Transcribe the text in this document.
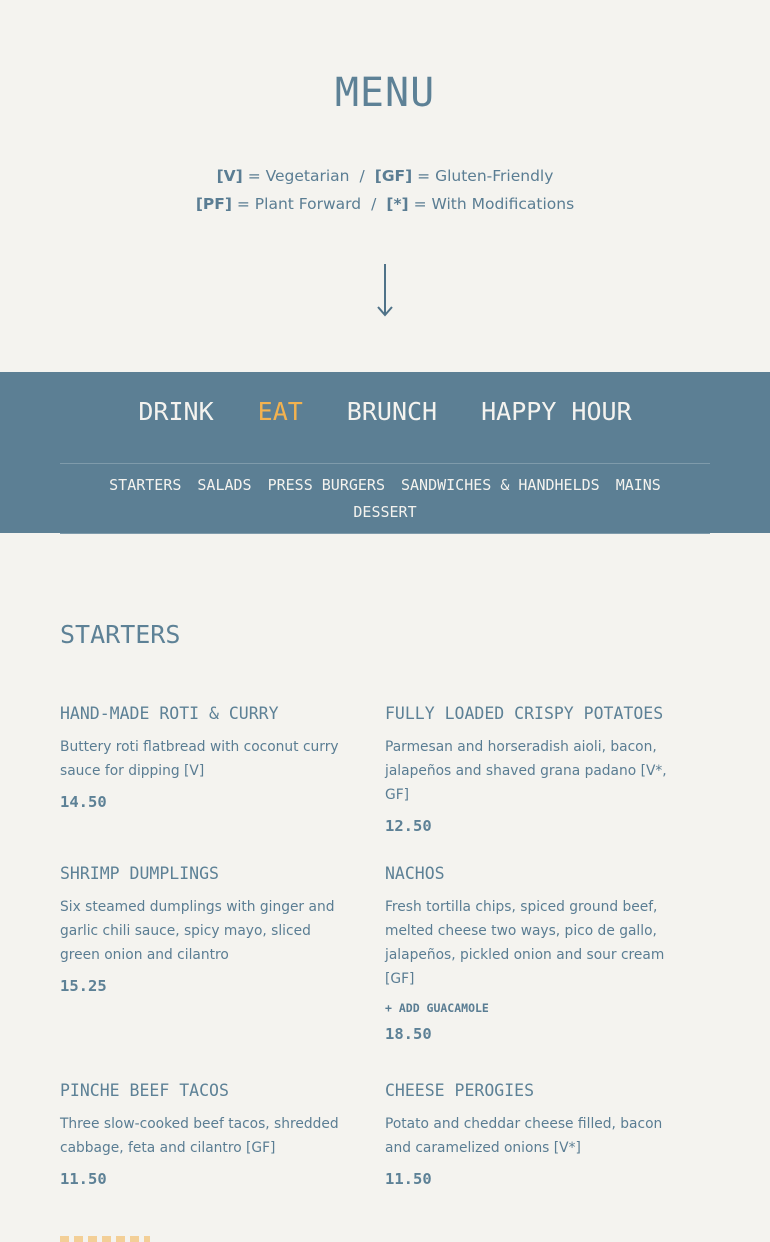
MENU
[V] = Vegetarian / [GF] = Gluten-Friendly
[PF] = Plant Forward / [*] = With Modifications
DRINK EAT BRUNCH HAPPY HOUR
STARTERS SALADS PRESS BURGERS SANDWICHES & HANDHELDS MAINS
DESSERT
STARTERS
HAND-MADE ROTI & CURRY
Buttery roti flatbread with coconut curry sauce for dipping [V]
14.50
FULLY LOADED CRISPY POTATOES
Parmesan and horseradish aioli, bacon, jalapeños and shaved grana padano [V*, GF]
12.50
SHRIMP DUMPLINGS
Six steamed dumplings with ginger and garlic chili sauce, spicy mayo, sliced green onion and cilantro
15.25
NACHOS
Fresh tortilla chips, spiced ground beef, melted cheese two ways, pico de gallo, jalapeños, pickled onion and sour cream [GF]
+ ADD GUACAMOLE
18.50
PINCHE BEEF TACOS
Three slow-cooked beef tacos, shredded cabbage, feta and cilantro [GF]
11.50
CHEESE PEROGIES
Potato and cheddar cheese filled, bacon and caramelized onions [V*]
11.50
